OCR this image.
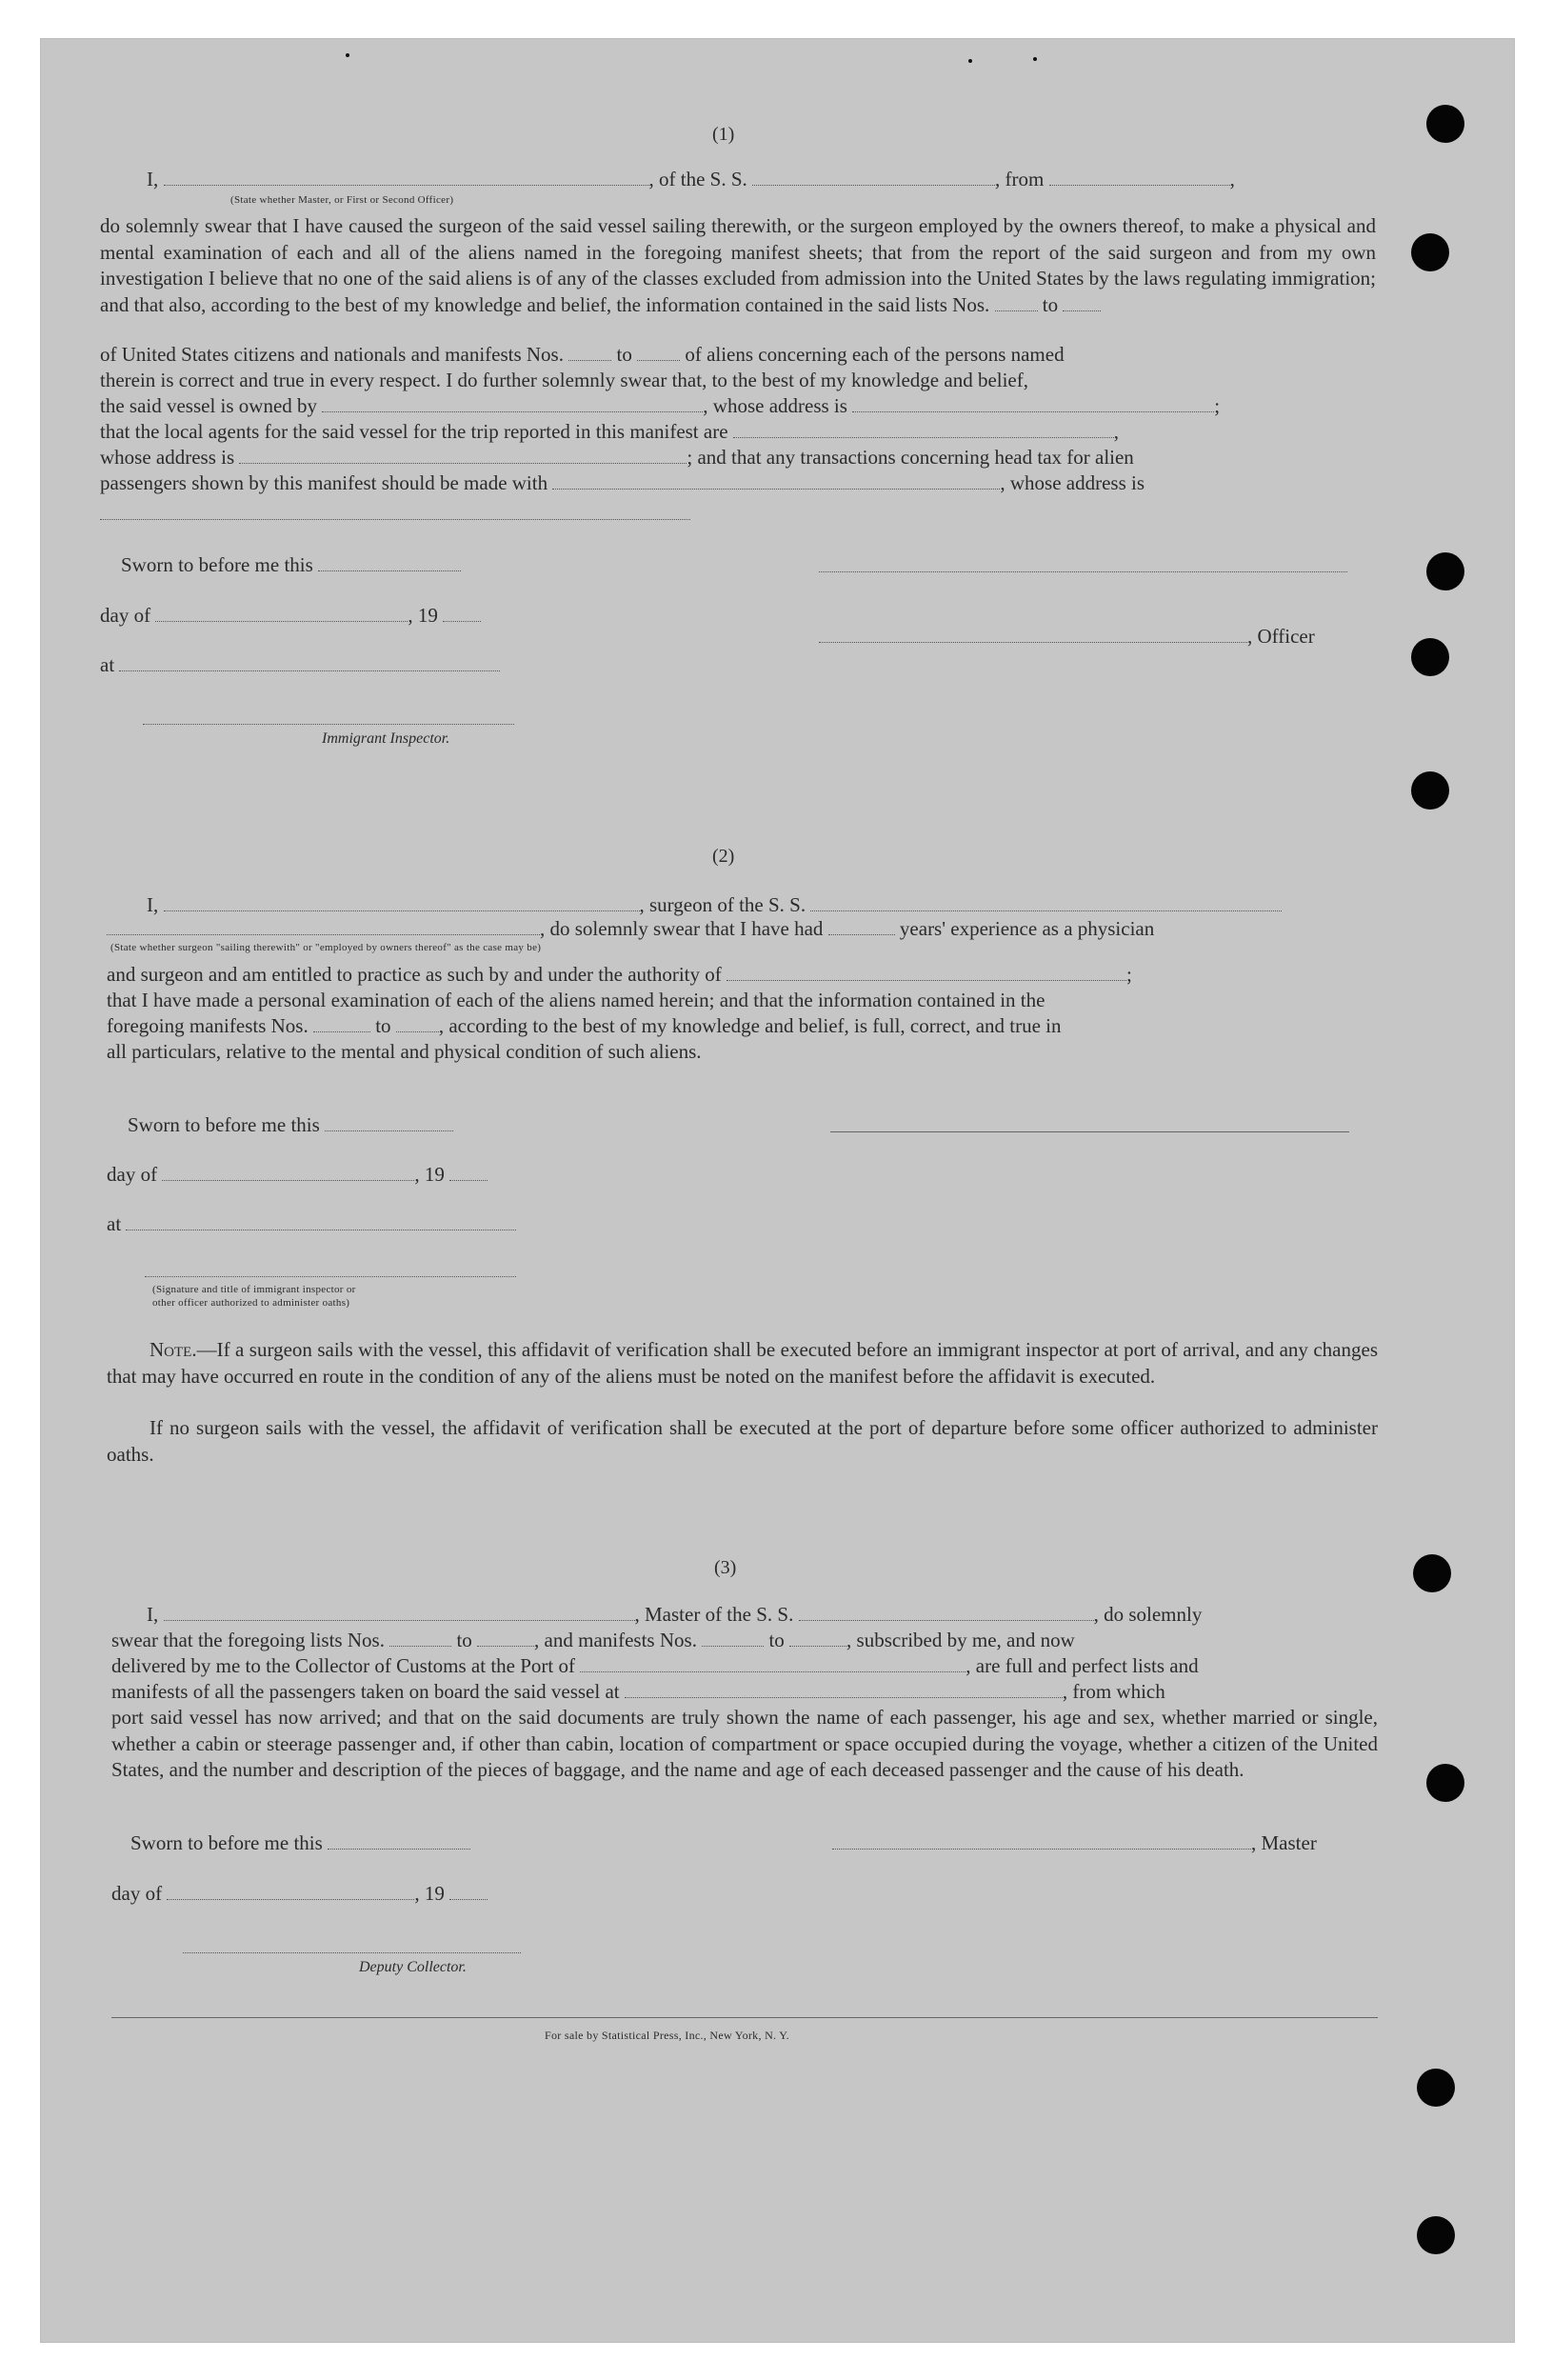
(1)
I,	, of the S. S.	, from	,
(State whether Master, or First or Second Officer)
do solemnly swear that I have caused the surgeon of the said vessel sailing therewith, or the surgeon employed by the owners thereof, to make a physical and mental examination of each and all of the aliens named in the foregoing manifest sheets; that from the report of the said surgeon and from my own investigation I believe that no one of the said aliens is of any of the classes excluded from admission into the United States by the laws regulating immigration; and that also, according to the best of my knowledge and belief, the information contained in the said lists Nos.	to
of United States citizens and nationals and manifests Nos.	to	of aliens concerning each of the persons named
therein is correct and true in every respect. I do further solemnly swear that, to the best of my knowledge and belief,
the said vessel is owned by	, whose address is	;
that the local agents for the said vessel for the trip reported in this manifest are	,
whose address is	; and that any transactions concerning head tax for alien
passengers shown by this manifest should be made with	, whose address is
Sworn to before me this
day of	, 19
, Officer
at
Immigrant Inspector.
(2)
I,	, surgeon of the S. S.
, do solemnly swear that I have had	years' experience as a physician
(State whether surgeon "sailing therewith" or "employed by owners thereof" as the case may be)
and surgeon and am entitled to practice as such by and under the authority of	;
that I have made a personal examination of each of the aliens named herein; and that the information contained in the
foregoing manifests Nos.	to , according to the best of my knowledge and belief, is full, correct, and true in
all particulars, relative to the mental and physical condition of such aliens.
Sworn to before me this
day of	, 19
at
(Signature and title of immigrant inspector or
other officer authorized to administer oaths)
Note.—If a surgeon sails with the vessel, this affidavit of verification shall be executed before an immigrant inspector at port of arrival, and any changes that may have occurred en route in the condition of any of the aliens must be noted on the manifest before the affidavit is executed.
If no surgeon sails with the vessel, the affidavit of verification shall be executed at the port of departure before some officer authorized to administer oaths.
(3)
I,	, Master of the S. S.	, do solemnly
swear that the foregoing lists Nos.	to	, and manifests Nos.	to	, subscribed by me, and now
delivered by me to the Collector of Customs at the Port of	, are full and perfect lists and
manifests of all the passengers taken on board the said vessel at	, from which
port said vessel has now arrived; and that on the said documents are truly shown the name of each passenger, his age and sex, whether married or single, whether a cabin or steerage passenger and, if other than cabin, location of compartment or space occupied during the voyage, whether a citizen of the United States, and the number and description of the pieces of baggage, and the name and age of each deceased passenger and the cause of his death.
Sworn to before me this	, Master
day of	, 19
Deputy Collector.
For sale by Statistical Press, Inc., New York, N. Y.
